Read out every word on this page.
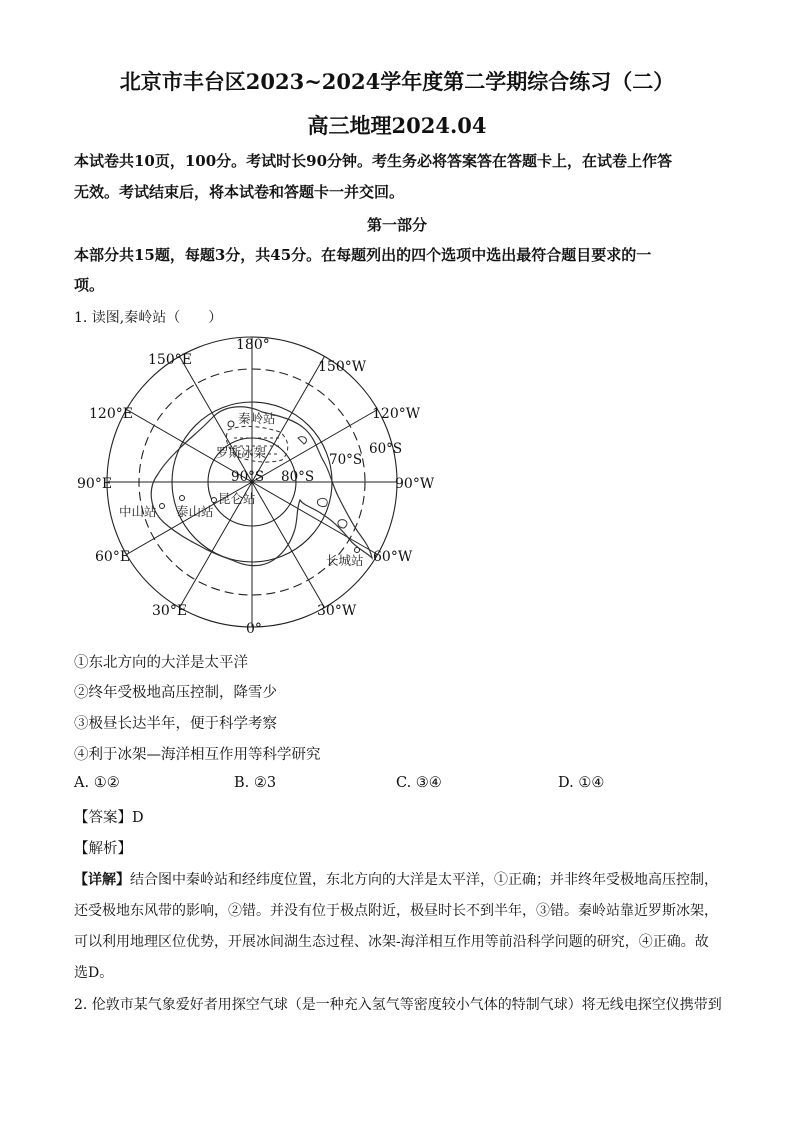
北京市丰台区2023~2024学年度第二学期综合练习（二）
高三地理2024.04
本试卷共10页，100分。考试时长90分钟。考生务必将答案答在答题卡上，在试卷上作答
无效。考试结束后，将本试卷和答题卡一并交回。
第一部分
本部分共15题，每题3分，共45分。在每题列出的四个选项中选出最符合题目要求的一
项。
1. 读图,秦岭站（　　）
180°
150°E	150°W
120°E	120°W
90°E	90°W
60°E	60°W
30°E	30°W
0°
60°S
70°S
80°S
90°S
秦岭站
罗斯冰架
昆仑站
泰山站
中山站
长城站
①东北方向的大洋是太平洋
②终年受极地高压控制，降雪少
③极昼长达半年，便于科学考察
④利于冰架—海洋相互作用等科学研究
A. ①②	B. ②3	C. ③④	D. ①④
【答案】D
【解析】
【详解】结合图中秦岭站和经纬度位置，东北方向的大洋是太平洋，①正确；并非终年受极地高压控制，
还受极地东风带的影响，②错。并没有位于极点附近，极昼时长不到半年，③错。秦岭站靠近罗斯冰架，
可以利用地理区位优势，开展冰间湖生态过程、冰架-海洋相互作用等前沿科学问题的研究，④正确。故
选D。
2. 伦敦市某气象爱好者用探空气球（是一种充入氢气等密度较小气体的特制气球）将无线电探空仪携带到
